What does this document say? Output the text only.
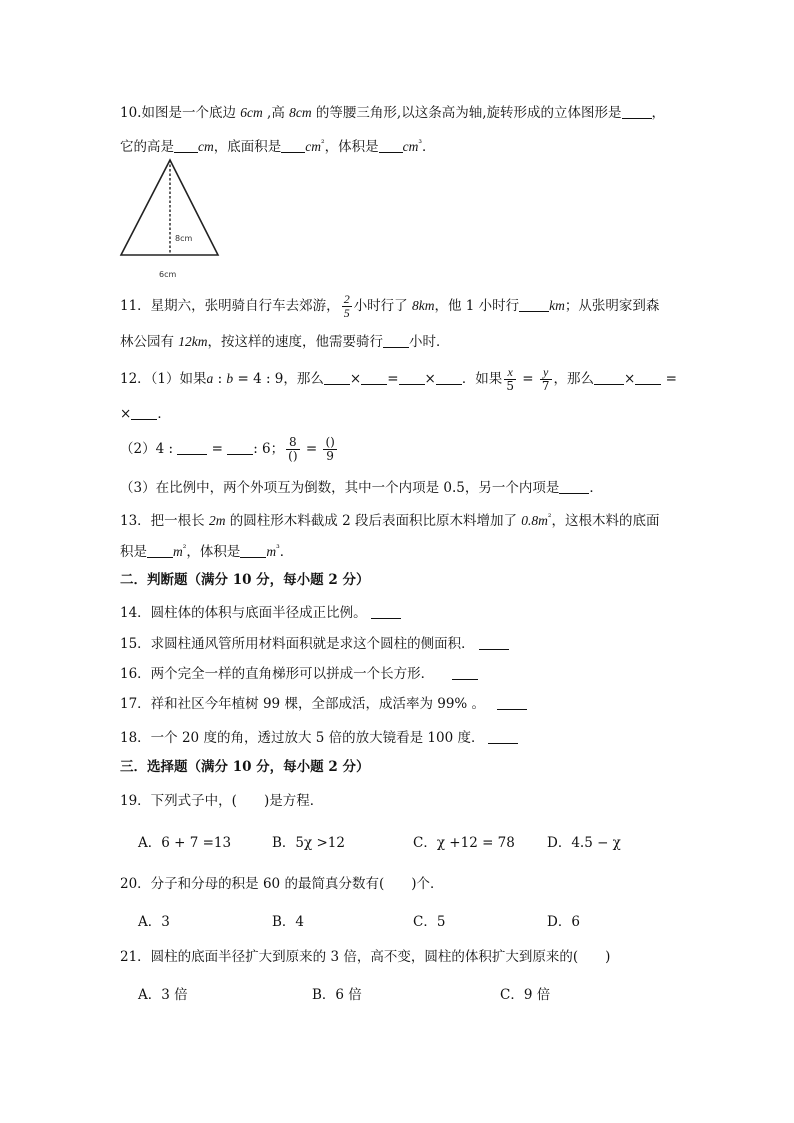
10.如图是一个底边 6cm ,高 8cm 的等腰三角形,以这条高为轴,旋转形成的立体图形是 ，
它的高是 cm，底面积是 $cm^{^2}$，体积是 $cm^{^3}$．
8cm
6cm
11．星期六，张明骑自行车去郊游， $\frac{2}{5}$ 小时行了 8km，他 1 小时行 km；从张明家到森
林公园有 12km，按这样的速度，他需要骑行 小时．
12．（1）如果a : b = 4 : 9，那么 × = × ．如果 $\frac{x}{5} = \frac{y}{7}$ ，那么 × =
× ．
（2）4 :  = : 6； $\frac{8}{()} = \frac{()}{9}$
（3）在比例中，两个外项互为倒数，其中一个内项是 0.5，另一个内项是 ．
13．把一根长 2m 的圆柱形木料截成 2 段后表面积比原木料增加了 $0.8m^{^2}$，这根木料的底面
积是 $m^{^2}$，体积是 $m^{^3}$．
二．判断题（满分 10 分，每小题 2 分）
14．圆柱体的体积与底面半径成正比例。
15．求圆柱通风管所用材料面积就是求这个圆柱的侧面积．
16．两个完全一样的直角梯形可以拼成一个长方形．
17．祥和社区今年植树 99 棵，全部成活，成活率为 99% 。
18．一个 20 度的角，透过放大 5 倍的放大镜看是 100 度．
三．选择题（满分 10 分，每小题 2 分）
19．下列式子中，(　　)是方程．
A．6 + 7 =13	B．5χ >12	C．χ +12 = 78 D．4.5 − χ
20．分子和分母的积是 60 的最简真分数有(　　)个．
A．3	B．4	C．5	D．6
21．圆柱的底面半径扩大到原来的 3 倍，高不变，圆柱的体积扩大到原来的(　　)
A．3 倍	B．6 倍	C．9 倍
